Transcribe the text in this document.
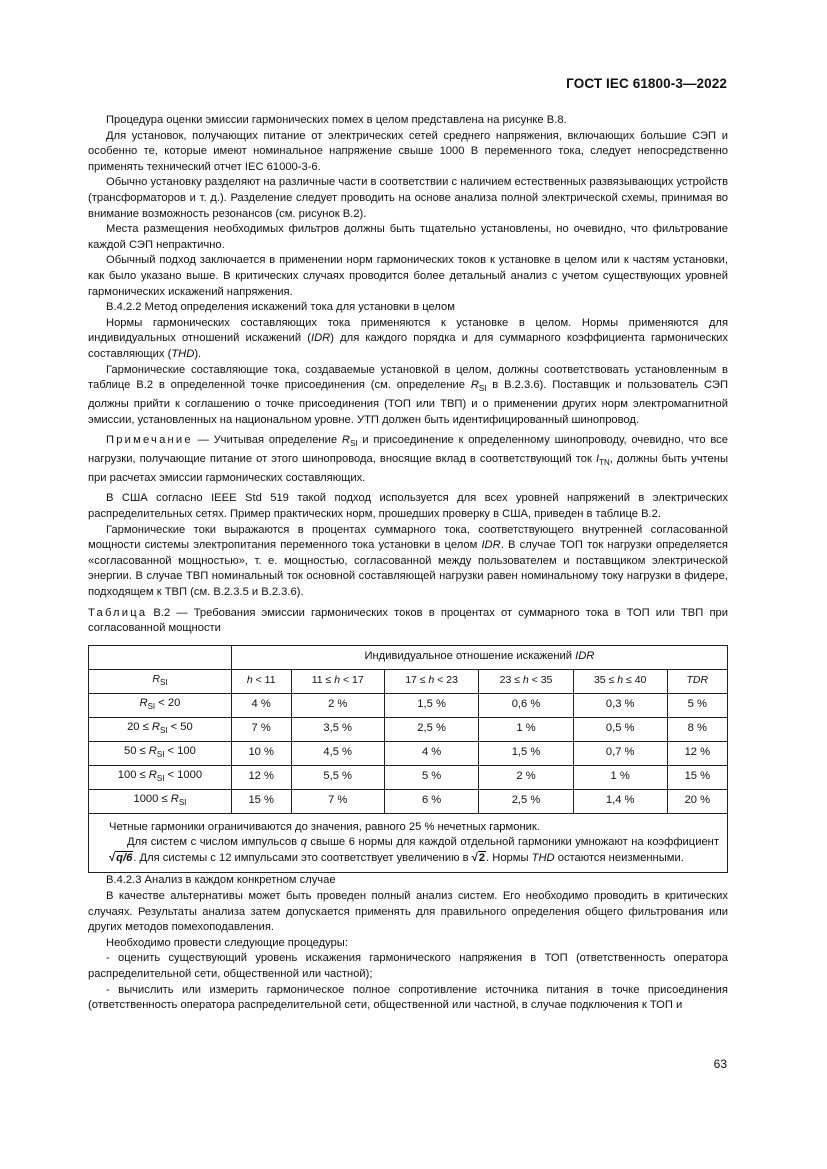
ГОСТ IEC 61800-3—2022

Процедура оценки эмиссии гармонических помех в целом представлена на рисунке B.8.

Для установок, получающих питание от электрических сетей среднего напряжения, включающих большие СЭП и особенно те, которые имеют номинальное напряжение свыше 1000 В переменного тока, следует непосредственно применять технический отчет IEC 61000-3-6.

Обычно установку разделяют на различные части в соответствии с наличием естественных развязывающих устройств (трансформаторов и т. д.). Разделение следует проводить на основе анализа полной электрической схемы, принимая во внимание возможность резонансов (см. рисунок B.2).

Места размещения необходимых фильтров должны быть тщательно установлены, но очевидно, что фильтрование каждой СЭП непрактично.

Обычный подход заключается в применении норм гармонических токов к установке в целом или к частям установки, как было указано выше. В критических случаях проводится более детальный анализ с учетом существующих уровней гармонических искажений напряжения.

B.4.2.2 Метод определения искажений тока для установки в целом

Нормы гармонических составляющих тока применяются к установке в целом. Нормы применяются для индивидуальных отношений искажений (IDR) для каждого порядка и для суммарного коэффициента гармонических составляющих (THD).

Гармонические составляющие тока, создаваемые установкой в целом, должны соответствовать установленным в таблице B.2 в определенной точке присоединения (см. определение $R_{SI}$ в B.2.3.6). Поставщик и пользователь СЭП должны прийти к соглашению о точке присоединения (ТОП или ТВП) и о применении других норм электромагнитной эмиссии, установленных на национальном уровне. УТП должен быть идентифицированный шинопровод.

Примечание — Учитывая определение $R_{SI}$ и присоединение к определенному шинопроводу, очевидно, что все нагрузки, получающие питание от этого шинопровода, вносящие вклад в соответствующий ток $I_{TN}$, должны быть учтены при расчетах эмиссии гармонических составляющих.

В США согласно IEEE Std 519 такой подход используется для всех уровней напряжений в электрических распределительных сетях. Пример практических норм, прошедших проверку в США, приведен в таблице B.2.

Гармонические токи выражаются в процентах суммарного тока, соответствующего внутренней согласованной мощности системы электропитания переменного тока установки в целом IDR. В случае ТОП ток нагрузки определяется «согласованной мощностью», т. е. мощностью, согласованной между пользователем и поставщиком электрической энергии. В случае ТВП номинальный ток основной составляющей нагрузки равен номинальному току нагрузки в фидере, подходящем к ТВП (см. B.2.3.5 и B.2.3.6).

Таблица B.2 — Требования эмиссии гармонических токов в процентах от суммарного тока в ТОП или ТВП при согласованной мощности

	Индивидуальное отношение искажений IDR					
$R_{SI}$	h < 11	11 ≤ h < 17	17 ≤ h < 23	23 ≤ h < 35	35 ≤ h ≤ 40	TDR
$R_{SI} < 20$	4 %	2 %	1,5 %	0,6 %	0,3 %	5 %
$20 \le R_{SI} < 50$	7 %	3,5 %	2,5 %	1 %	0,5 %	8 %
$50 \le R_{SI} < 100$	10 %	4,5 %	4 %	1,5 %	0,7 %	12 %
$100 \le R_{SI} < 1000$	12 %	5,5 %	5 %	2 %	1 %	15 %
$1000 \le R_{SI}$	15 %	7 %	6 %	2,5 %	1,4 %	20 %

Четные гармоники ограничиваются до значения, равного 25 % нечетных гармоник.

Для систем с числом импульсов q свыше 6 нормы для каждой отдельной гармоники умножают на коэффициент √q/6. Для системы с 12 импульсами это соответствует увеличению в √2. Нормы THD остаются неизменными.						

B.4.2.3 Анализ в каждом конкретном случае

В качестве альтернативы может быть проведен полный анализ систем. Его необходимо проводить в критических случаях. Результаты анализа затем допускается применять для правильного определения общего фильтрования или других методов помехоподавления.

Необходимо провести следующие процедуры:

- оценить существующий уровень искажения гармонического напряжения в ТОП (ответственность оператора распределительной сети, общественной или частной);

- вычислить или измерить гармоническое полное сопротивление источника питания в точке присоединения (ответственность оператора распределительной сети, общественной или частной, в случае подключения к ТОП и

63
